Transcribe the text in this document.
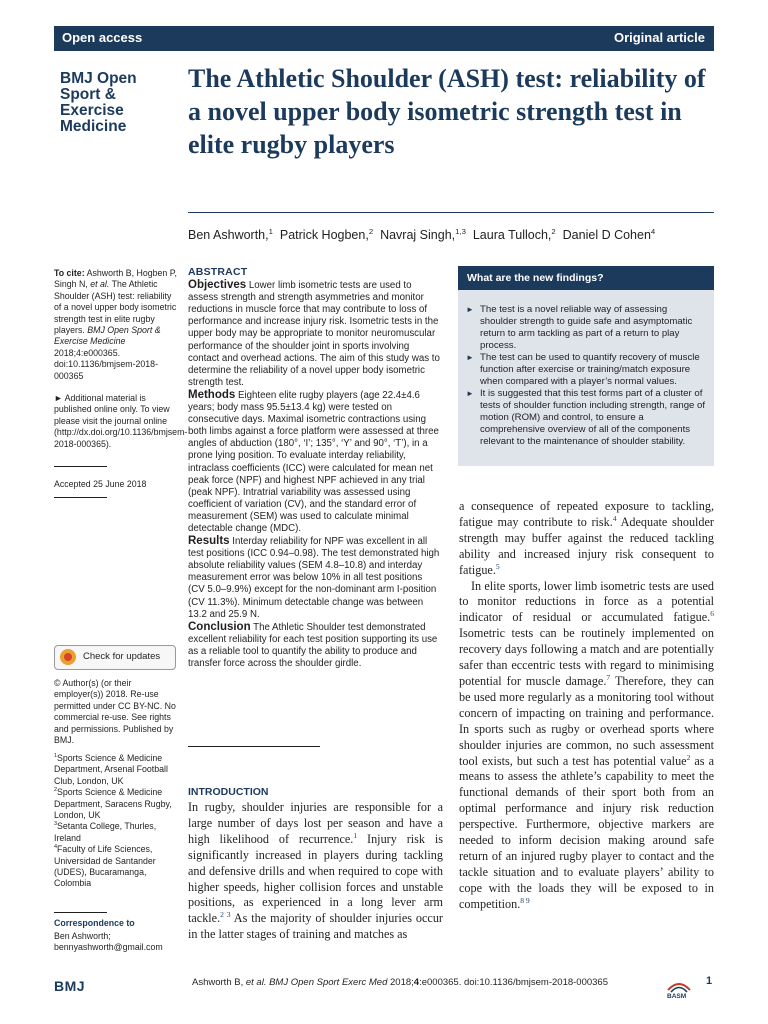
Open access	Original article
BMJ Open
Sport &
Exercise
Medicine
The Athletic Shoulder (ASH) test: reliability of a novel upper body isometric strength test in elite rugby players
Ben Ashworth,$^1$ Patrick Hogben,$^2$ Navraj Singh,$^{1,3}$ Laura Tulloch,$^2$ Daniel D Cohen$^4$
To cite: Ashworth B, Hogben P, Singh N, et al. The Athletic Shoulder (ASH) test: reliability of a novel upper body isometric strength test in elite rugby players. BMJ Open Sport & Exercise Medicine 2018;4:e000365. doi:10.1136/bmjsem-2018-000365
► Additional material is published online only. To view please visit the journal online (http://dx.doi.org/10.1136/bmjsem-2018-000365).
Accepted 25 June 2018
Check for updates
© Author(s) (or their employer(s)) 2018. Re-use permitted under CC BY-NC. No commercial re-use. See rights and permissions. Published by BMJ.
$^1$Sports Science & Medicine Department, Arsenal Football Club, London, UK
$^2$Sports Science & Medicine Department, Saracens Rugby, London, UK
$^3$Setanta College, Thurles, Ireland
$^4$Faculty of Life Sciences, Universidad de Santander (UDES), Bucaramanga, Colombia
Correspondence to
Ben Ashworth; bennyashworth@gmail.com
ABSTRACT

Objectives Lower limb isometric tests are used to assess strength and strength asymmetries and monitor reductions in muscle force that may contribute to loss of performance and increase injury risk. Isometric tests in the upper body may be appropriate to monitor neuromuscular performance of the shoulder joint in sports involving contact and overhead actions. The aim of this study was to determine the reliability of a novel upper body isometric strength test.

Methods Eighteen elite rugby players (age 22.4±4.6 years; body mass 95.5±13.4 kg) were tested on consecutive days. Maximal isometric contractions using both limbs against a force platform were assessed at three angles of abduction (180°, ‘I’; 135°, ‘Y’ and 90°, ‘T’), in a prone lying position. To evaluate interday reliability, intraclass coefficients (ICC) were calculated for mean net peak force (NPF) and highest NPF achieved in any trial (peak NPF). Intratrial variability was assessed using coefficient of variation (CV), and the standard error of measurement (SEM) was used to calculate minimal detectable change (MDC).

Results Interday reliability for NPF was excellent in all test positions (ICC 0.94–0.98). The test demonstrated high absolute reliability values (SEM 4.8–10.8) and interday measurement error was below 10% in all test positions (CV 5.0–9.9%) except for the non-dominant arm I-position (CV 11.3%). Minimum detectable change was between 13.2 and 25.9 N.

Conclusion The Athletic Shoulder test demonstrated excellent reliability for each test position supporting its use as a reliable tool to quantify the ability to produce and transfer force across the shoulder girdle.

What are the new findings?
► The test is a novel reliable way of assessing shoulder strength to guide safe and asymptomatic return to arm tackling as part of a return to play process.
► The test can be used to quantify recovery of muscle function after exercise or training/match exposure when compared with a player’s normal values.
► It is suggested that this test forms part of a cluster of tests of shoulder function including strength, range of motion (ROM) and control, to ensure a comprehensive overview of all of the components relevant to the maintenance of shoulder stability.
INTRODUCTION

In rugby, shoulder injuries are responsible for a large number of days lost per season and have a high likelihood of recurrence.$^1$ Injury risk is significantly increased in players during tackling and defensive drills and when required to cope with higher speeds, higher collision forces and unstable positions, as experienced in a long lever arm tackle.$^{2 3}$ As the majority of shoulder injuries occur in the latter stages of training and matches as

a consequence of repeated exposure to tackling, fatigue may contribute to risk.$^4$ Adequate shoulder strength may buffer against the reduced tackling ability and increased injury risk consequent to fatigue.$^5$

In elite sports, lower limb isometric tests are used to monitor reductions in force as a potential indicator of residual or accumulated fatigue.$^6$ Isometric tests can be routinely implemented on recovery days following a match and are potentially safer than eccentric tests with regard to minimising potential for muscle damage.$^7$ Therefore, they can be used more regularly as a monitoring tool without concern of impacting on training and performance. In sports such as rugby or overhead sports where shoulder injuries are common, no such assessment tool exists, but such a test has potential value$^2$ as a means to assess the athlete’s capability to meet the functional demands of their sport both from an optimal performance and injury risk reduction perspective. Furthermore, objective markers are needed to inform decision making around safe return of an injured rugby player to contact and the tackle situation and to evaluate players’ ability to cope with the loads they will be exposed to in competition.$^{8 9}$

BMJ	Ashworth B, et al. BMJ Open Sport Exerc Med 2018;4:e000365. doi:10.1136/bmjsem-2018-000365
BASM
1
